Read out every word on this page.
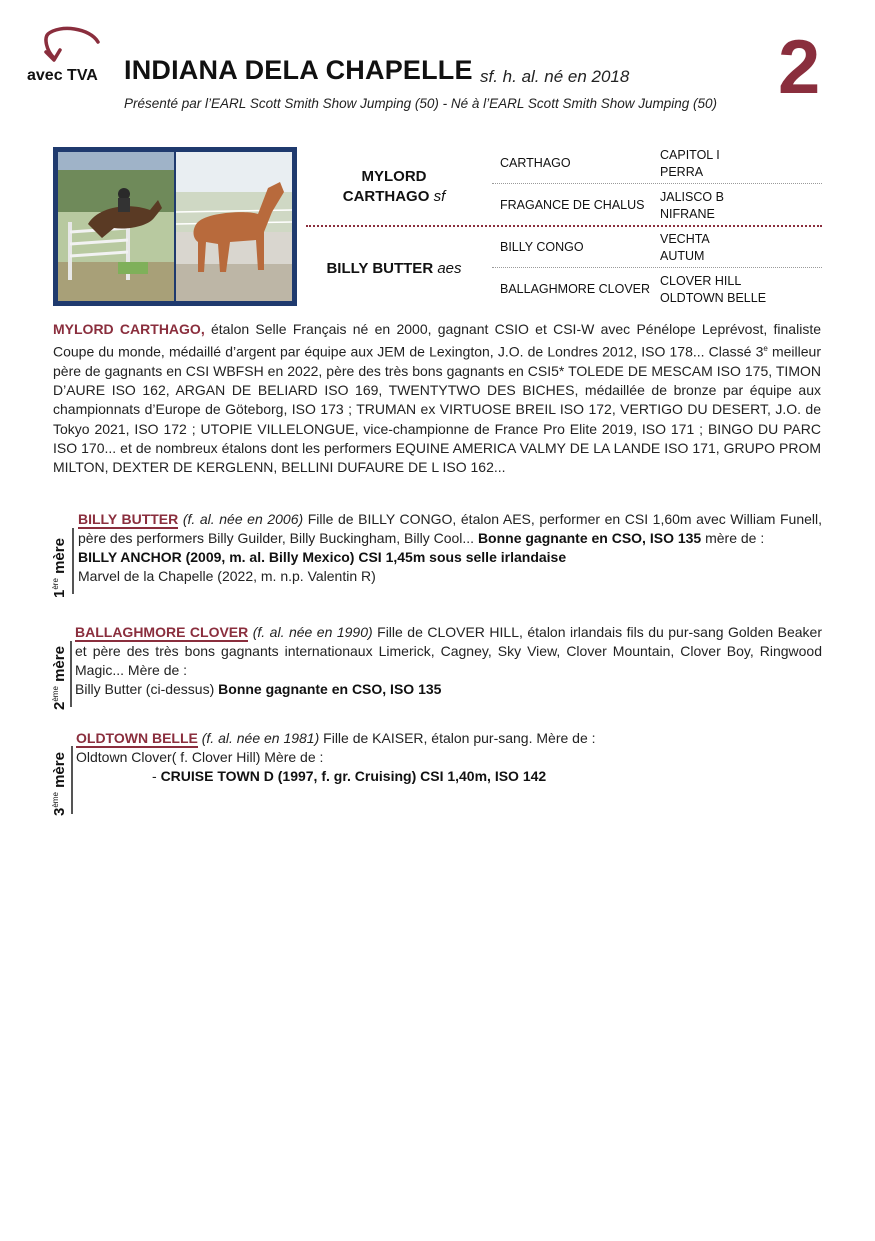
avec TVA INDIANA DELA CHAPELLE sf. h. al. né en 2018
Présenté par l’EARL Scott Smith Show Jumping (50) - Né à l’EARL Scott Smith Show Jumping (50) 2
MYLORD
CARTHAGO sf
BILLY BUTTER aes
CARTHAGO
FRAGANCE DE CHALUS
BILLY CONGO
BALLAGHMORE CLOVER
CAPITOL I
PERRA
JALISCO B
NIFRANE
VECHTA
AUTUM
CLOVER HILL
OLDTOWN BELLE
MYLORD CARTHAGO, étalon Selle Français né en 2000, gagnant CSIO et CSI-W avec Pénélope Leprévost, finaliste Coupe du monde, médaillé d’argent par équipe aux JEM de Lexington, J.O. de Londres 2012, ISO 178... Classé 3e meilleur père de gagnants en CSI WBFSH en 2022, père des très bons gagnants en CSI5* TOLEDE DE MESCAM ISO 175, TIMON D’AURE ISO 162, ARGAN DE BELIARD ISO 169, TWENTYTWO DES BICHES, médaillée de bronze par équipe aux championnats d’Europe de Göteborg, ISO 173 ; TRUMAN ex VIRTUOSE BREIL ISO 172, VERTIGO DU DESERT, J.O. de Tokyo 2021, ISO 172 ; UTOPIE VILLELONGUE, vice-championne de France Pro Elite 2019, ISO 171 ; BINGO DU PARC ISO 170... et de nombreux étalons dont les performers EQUINE AMERICA VALMY DE LA LANDE ISO 171, GRUPO PROM MILTON, DEXTER DE KERGLENN, BELLINI DUFAURE DE L ISO 162...
1ère mère
BILLY BUTTER (f. al. née en 2006) Fille de BILLY CONGO, étalon AES, performer en CSI 1,60m avec William Funell, père des performers Billy Guilder, Billy Buckingham, Billy Cool... Bonne gagnante en CSO, ISO 135 mère de :
BILLY ANCHOR (2009, m. al. Billy Mexico) CSI 1,45m sous selle irlandaise
Marvel de la Chapelle (2022, m. n.p. Valentin R)
2ème mère
BALLAGHMORE CLOVER (f. al. née en 1990) Fille de CLOVER HILL, étalon irlandais fils du pur-sang Golden Beaker et père des très bons gagnants internationaux Limerick, Cagney, Sky View, Clover Mountain, Clover Boy, Ringwood Magic... Mère de :
Billy Butter (ci-dessus) Bonne gagnante en CSO, ISO 135
3ème mère
OLDTOWN BELLE (f. al. née en 1981) Fille de KAISER, étalon pur-sang. Mère de :
Oldtown Clover( f. Clover Hill) Mère de :
- CRUISE TOWN D (1997, f. gr. Cruising) CSI 1,40m, ISO 142
